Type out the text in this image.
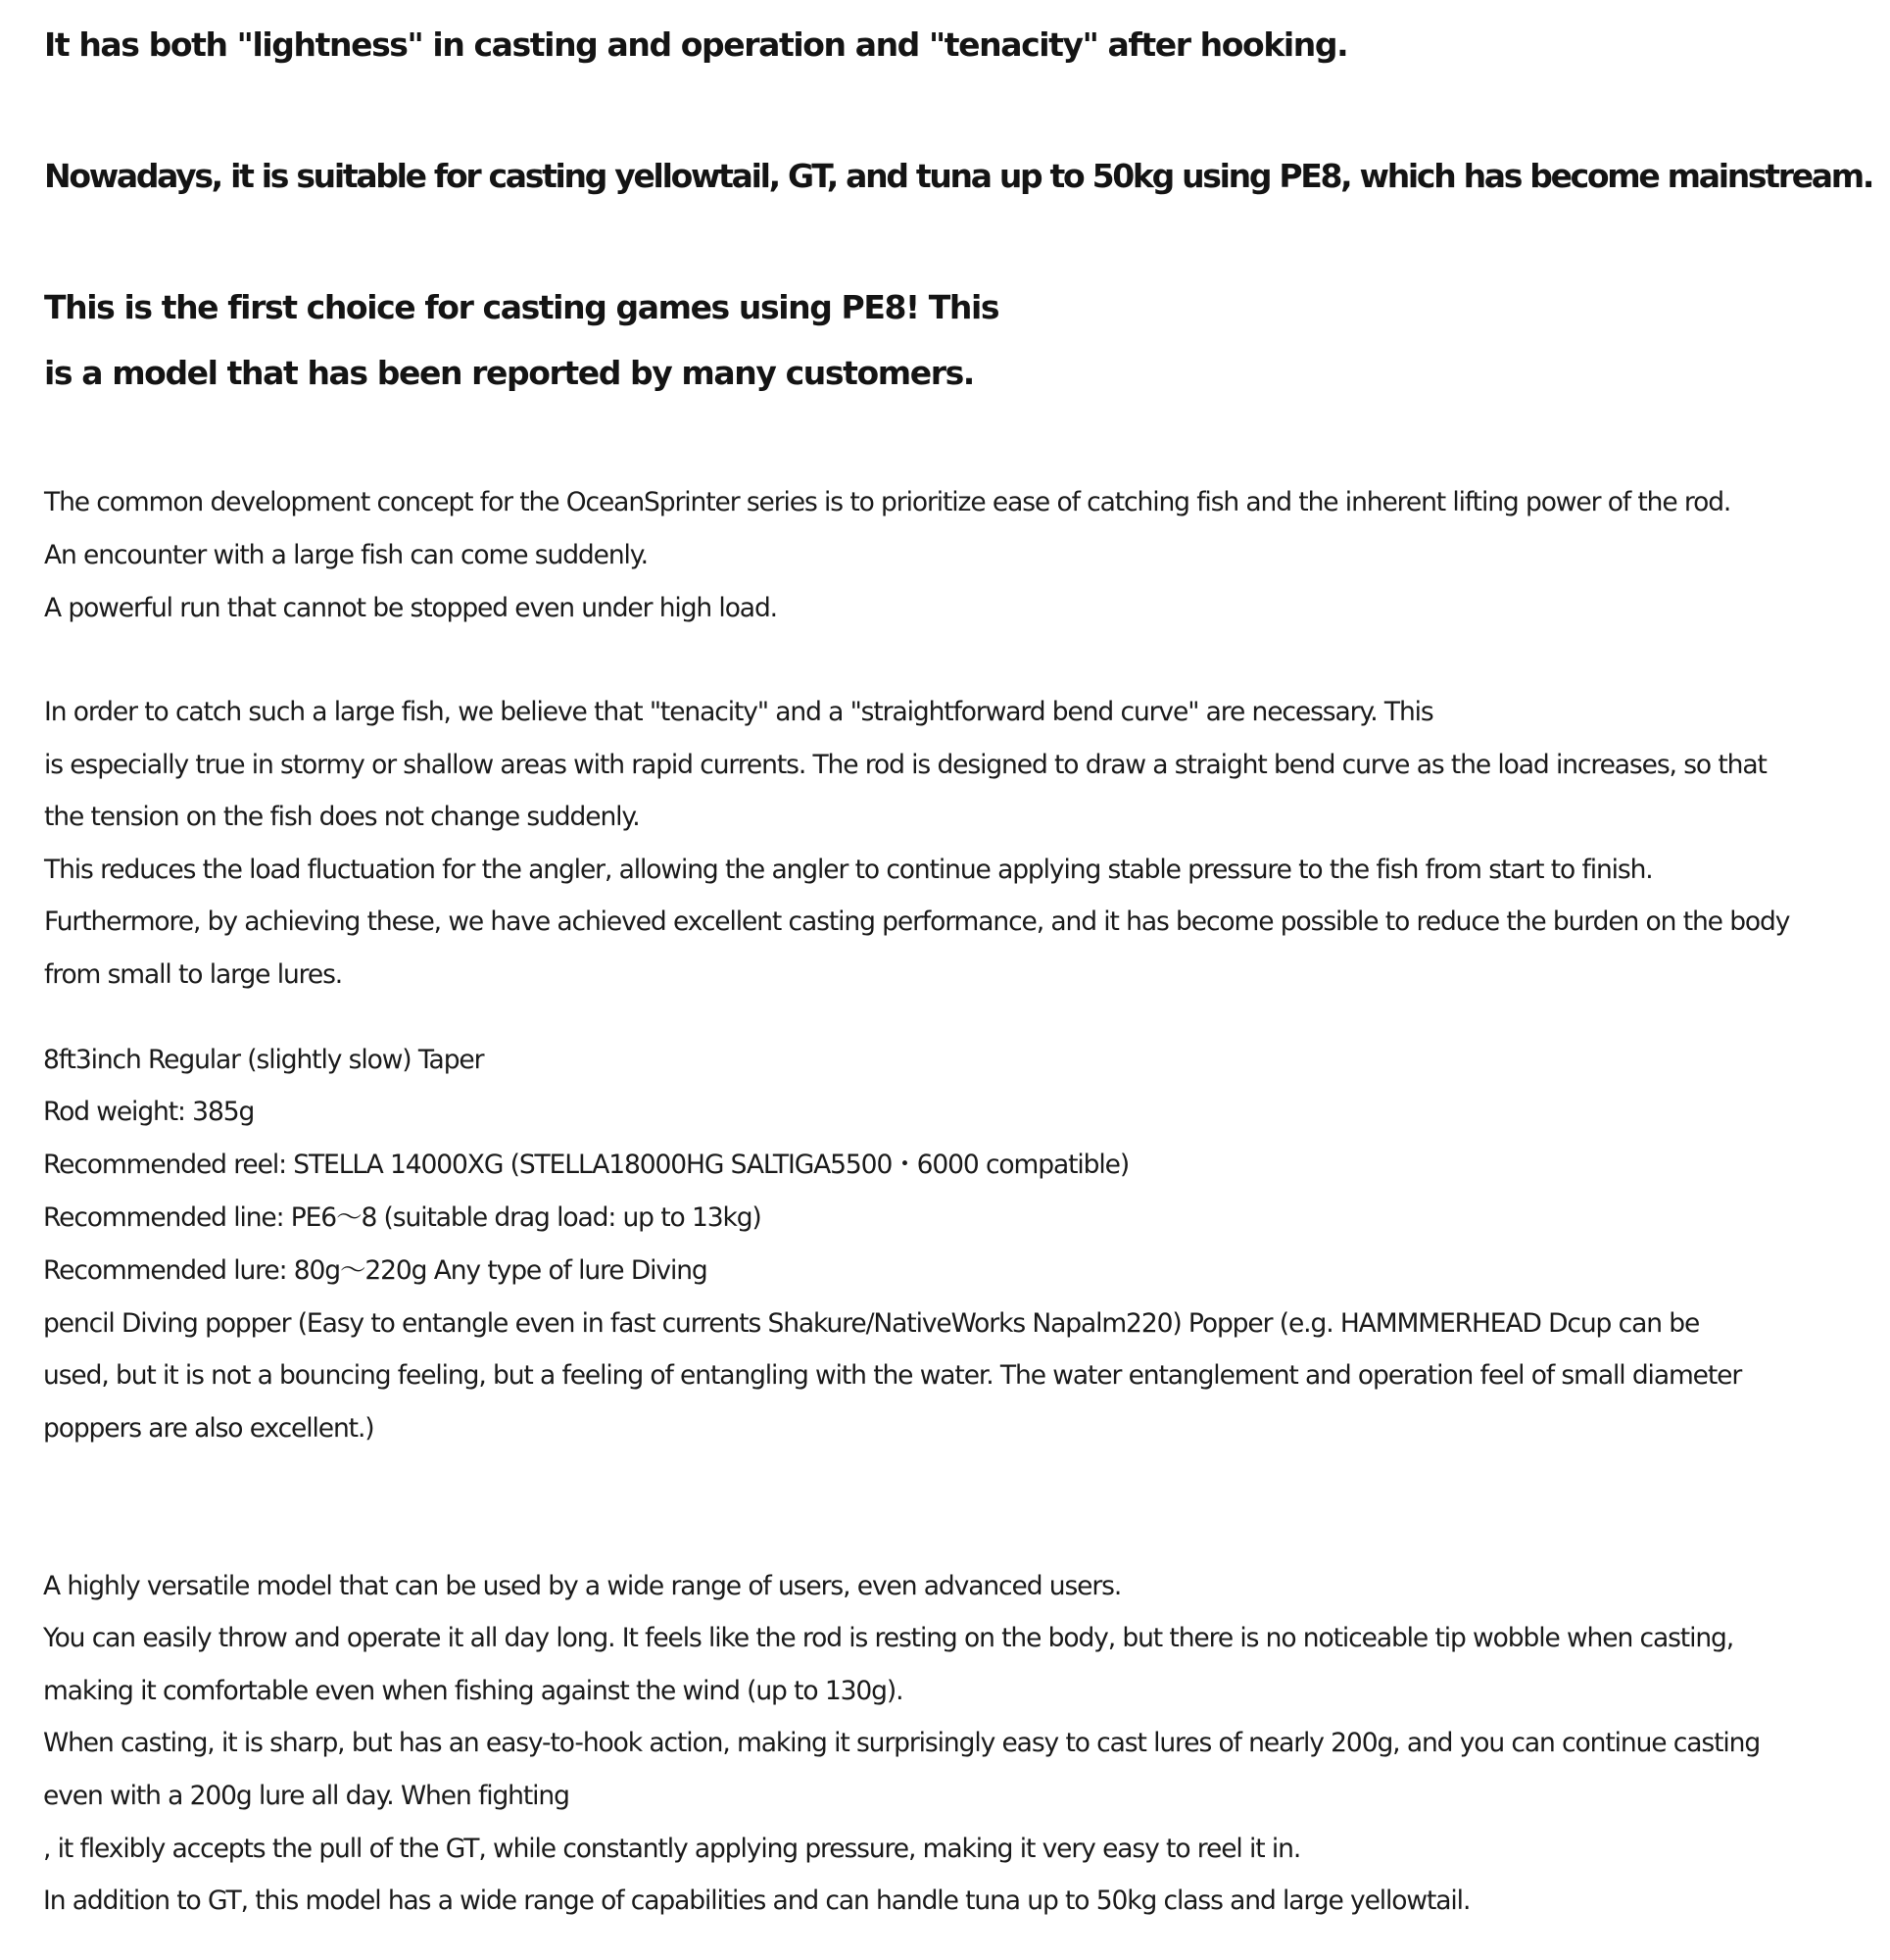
It has both "lightness" in casting and operation and "tenacity" after hooking.

Nowadays, it is suitable for casting yellowtail, GT, and tuna up to 50kg using PE8, which has become mainstream.

This is the first choice for casting games using PE8! This

is a model that has been reported by many customers.

The common development concept for the OceanSprinter series is to prioritize ease of catching fish and the inherent lifting power of the rod.

An encounter with a large fish can come suddenly.

A powerful run that cannot be stopped even under high load.

In order to catch such a large fish, we believe that "tenacity" and a "straightforward bend curve" are necessary. This

is especially true in stormy or shallow areas with rapid currents. The rod is designed to draw a straight bend curve as the load increases, so that

the tension on the fish does not change suddenly.

This reduces the load fluctuation for the angler, allowing the angler to continue applying stable pressure to the fish from start to finish.

Furthermore, by achieving these, we have achieved excellent casting performance, and it has become possible to reduce the burden on the body

from small to large lures.

8ft3inch Regular (slightly slow) Taper

Rod weight: 385g

Recommended reel: STELLA 14000XG (STELLA18000HG SALTIGA5500・6000 compatible)

Recommended line: PE6〜8 (suitable drag load: up to 13kg)

Recommended lure: 80g〜220g Any type of lure Diving

pencil Diving popper (Easy to entangle even in fast currents Shakure/NativeWorks Napalm220) Popper (e.g. HAMMMERHEAD Dcup can be

used, but it is not a bouncing feeling, but a feeling of entangling with the water. The water entanglement and operation feel of small diameter

poppers are also excellent.)

A highly versatile model that can be used by a wide range of users, even advanced users.

You can easily throw and operate it all day long. It feels like the rod is resting on the body, but there is no noticeable tip wobble when casting,

making it comfortable even when fishing against the wind (up to 130g).

When casting, it is sharp, but has an easy-to-hook action, making it surprisingly easy to cast lures of nearly 200g, and you can continue casting

even with a 200g lure all day. When fighting

, it flexibly accepts the pull of the GT, while constantly applying pressure, making it very easy to reel it in.

In addition to GT, this model has a wide range of capabilities and can handle tuna up to 50kg class and large yellowtail.
